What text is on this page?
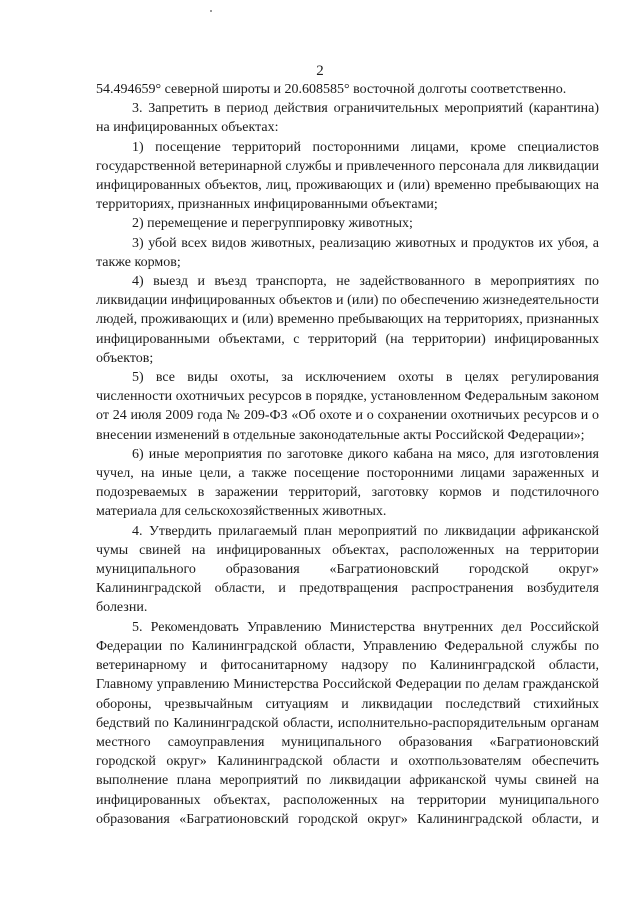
2

54.494659° северной широты и 20.608585° восточной долготы соответственно.

3. Запретить в период действия ограничительных мероприятий (карантина) на инфицированных объектах:

1) посещение территорий посторонними лицами, кроме специалистов государственной ветеринарной службы и привлеченного персонала для ликвидации инфицированных объектов, лиц, проживающих и (или) временно пребывающих на территориях, признанных инфицированными объектами;

2) перемещение и перегруппировку животных;

3) убой всех видов животных, реализацию животных и продуктов их убоя, а также кормов;

4) выезд и въезд транспорта, не задействованного в мероприятиях по ликвидации инфицированных объектов и (или) по обеспечению жизнедеятельности людей, проживающих и (или) временно пребывающих на территориях, признанных инфицированными объектами, с территорий (на территории) инфицированных объектов;

5) все виды охоты, за исключением охоты в целях регулирования численности охотничьих ресурсов в порядке, установленном Федеральным законом от 24 июля 2009 года № 209-ФЗ «Об охоте и о сохранении охотничьих ресурсов и о внесении изменений в отдельные законодательные акты Российской Федерации»;

6) иные мероприятия по заготовке дикого кабана на мясо, для изготовления чучел, на иные цели, а также посещение посторонними лицами зараженных и подозреваемых в заражении территорий, заготовку кормов и подстилочного материала для сельскохозяйственных животных.

4. Утвердить прилагаемый план мероприятий по ликвидации африканской чумы свиней на инфицированных объектах, расположенных на территории муниципального образования «Багратионовский городской округ» Калининградской области, и предотвращения распространения возбудителя болезни.

5. Рекомендовать Управлению Министерства внутренних дел Российской Федерации по Калининградской области, Управлению Федеральной службы по ветеринарному и фитосанитарному надзору по Калининградской области, Главному управлению Министерства Российской Федерации по делам гражданской обороны, чрезвычайным ситуациям и ликвидации последствий стихийных бедствий по Калининградской области, исполнительно-распорядительным органам местного самоуправления муниципального образования «Багратионовский городской округ» Калининградской области и охотпользователям обеспечить выполнение плана мероприятий по ликвидации африканской чумы свиней на инфицированных объектах, расположенных на территории муниципального образования «Багратионовский городской округ» Калининградской области, и
